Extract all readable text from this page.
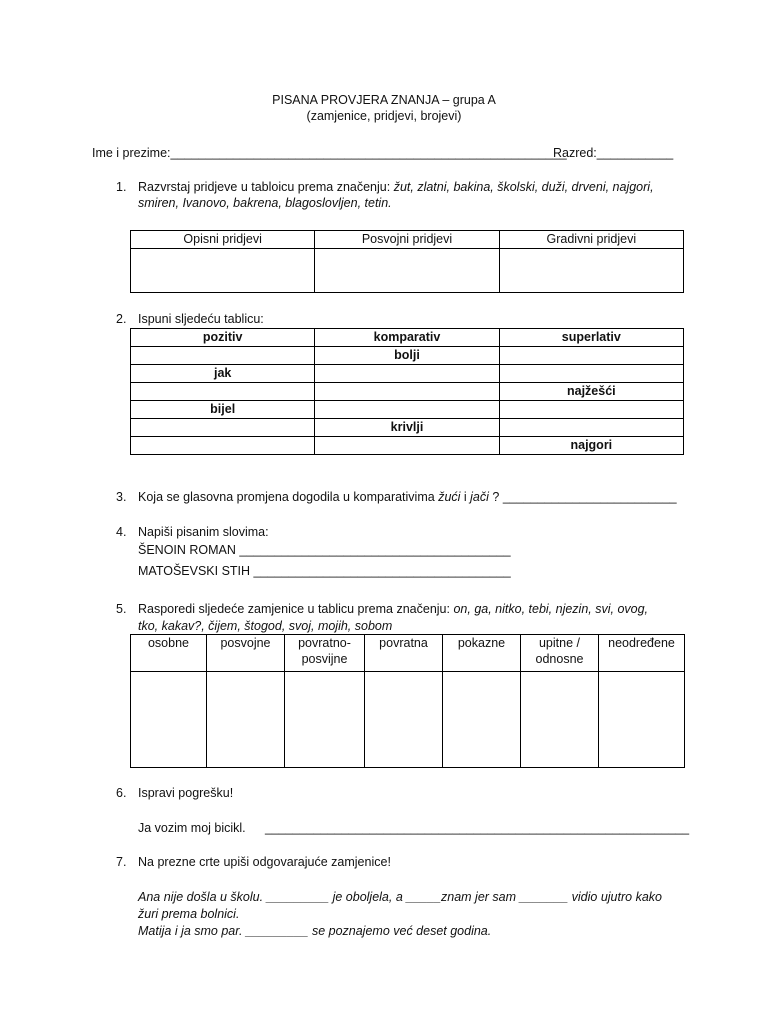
PISANA PROVJERA ZNANJA – grupa A
(zamjenice, pridjevi, brojevi)
Ime i prezime:_________________________________________________________
Razred:___________
1. Razvrstaj pridjeve u tabloicu prema značenju: žut, zlatni, bakina, školski, duži, drveni, najgori,
smiren, Ivanovo, bakrena, blagoslovljen, tetin.
Opisni pridjevi	Posvojni pridjevi	Gradivni pridjevi

2. Ispuni sljedeću tablicu:
pozitiv	komparativ	superlativ
	bolji	
jak		
		najžešći
bijel		
	krivlji	
		najgori
3. Koja se glasovna promjena dogodila u komparativima žući i jači ? _________________________
4. Napiši pisanim slovima:
ŠENOIN ROMAN _______________________________________
MATOŠEVSKI STIH _____________________________________
5. Rasporedi sljedeće zamjenice u tablicu prema značenju: on, ga, nitko, tebi, njezin, svi, ovog,
tko, kakav?, čijem, štogod, svoj, mojih, sobom
osobne	posvojne	povratno-
posvijne	povratna	pokazne	upitne /
odnosne	neodređene

6. Ispravi pogrešku!
Ja vozim moj bicikl. _____________________________________________________________
7. Na prezne crte upiši odgovarajuće zamjenice!
Ana nije došla u školu. _________ je oboljela, a _____znam jer sam _______ vidio ujutro kako
žuri prema bolnici.
Matija i ja smo par. _________ se poznajemo već deset godina.
